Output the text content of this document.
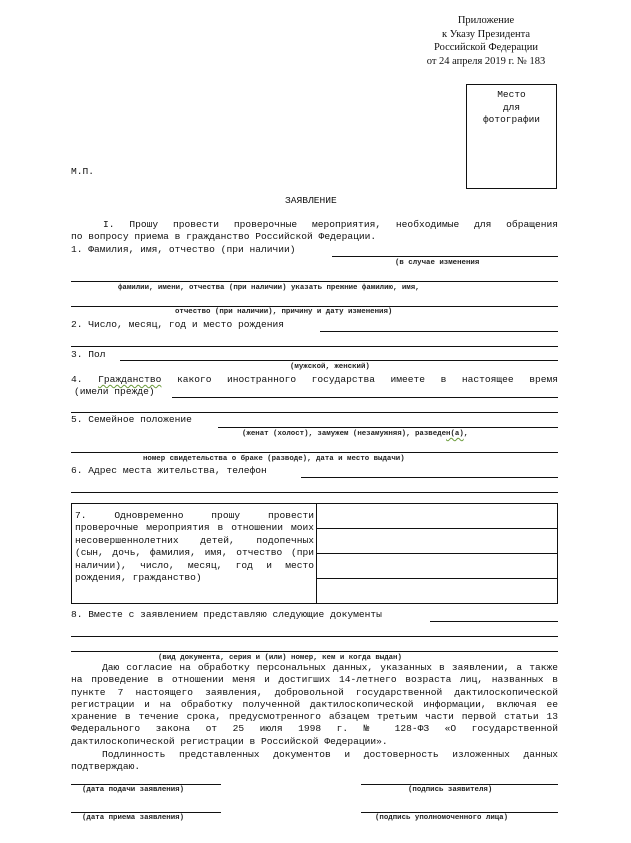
Приложение
к Указу Президента
Российской Федерации
от 24 апреля 2019 г. № 183
Место
для
фотографии
М.П.
ЗАЯВЛЕНИЕ
I. Прошу провести проверочные мероприятия, необходимые для обращения
по вопросу приема в гражданство Российской Федерации.
1. Фамилия, имя, отчество (при наличии)
(в случае изменения
фамилии, имени, отчества (при наличии) указать прежние фамилию, имя,
отчество (при наличии), причину и дату изменения)
2. Число, месяц, год и место рождения
3. Пол
(мужской, женский)
4. Гражданство какого иностранного государства имеете в настоящее время
(имели прежде)
5. Семейное положение
(женат (холост), замужем (незамужняя), разведен(а),
номер свидетельства о браке (разводе), дата и место выдачи)
6. Адрес места жительства, телефон
7. Одновременно прошу провести проверочные мероприятия в отношении моих несовершеннолетних детей, подопечных (сын, дочь, фамилия, имя, отчество (при наличии), число, месяц, год и место рождения, гражданство)

8. Вместе с заявлением представляю следующие документы
(вид документа, серия и (или) номер, кем и когда выдан)
Даю согласие на обработку персональных данных, указанных в заявлении, а также на проведение в отношении меня и достигших 14-летнего возраста лиц, названных в пункте 7 настоящего заявления, добровольной государственной дактилоскопической регистрации и на обработку полученной дактилоскопической информации, включая ее хранение в течение срока, предусмотренного абзацем третьим части первой статьи 13 Федерального закона от 25 июля 1998 г. № 128-ФЗ «О государственной дактилоскопической регистрации в Российской Федерации».
Подлинность представленных документов и достоверность изложенных данных подтверждаю.
(дата подачи заявления)	(подпись заявителя)
(дата приема заявления)	(подпись уполномоченного лица)
